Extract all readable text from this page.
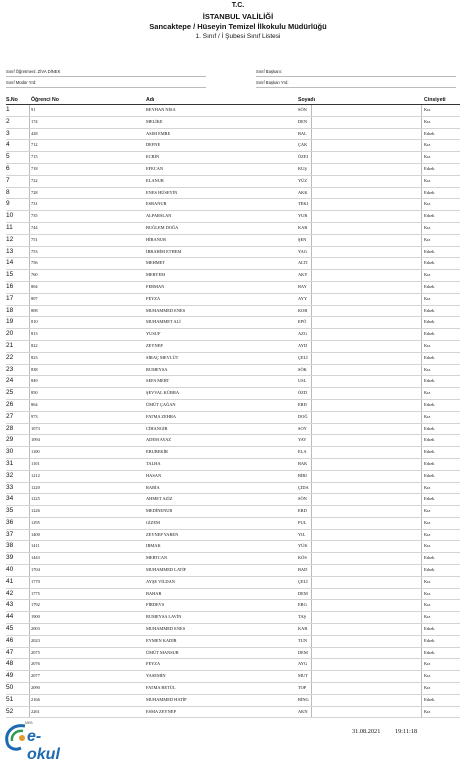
T.C.
İSTANBUL VALİLİĞİ
Sancaktepe / Hüseyin Temizel İlkokulu Müdürlüğü
1. Sınıf / İ Şubesi Sınıf Listesi
Sınıf Öğretmeni: ZİVA DİNEK	Sınıf Başkanı:
Sınıf Müdür Yrd:	Sınıf Başkan Yrd:
S.No	Öğrenci No	Adı	Soyadı	Cinsiyeti
1	91	REYHAN NİSA	SÖN	Kız
2	174	MELİKE	DEN	Kız
3	428	ASIM EMRE	BAL	Erkek
4	712	DEFNE	ÇAK	Kız
5	715	ECRİN	ÖZEI	Kız
6	718	EFECAN	KUŞ	Erkek
7	722	ELANUR	YÜZ	Kız
8	728	ENES HÜSEYİN	AKK	Erkek
9	731	ESRANUR	TEKI	Kız
10	735	ALPARSLAN	YUR	Erkek
11	744	BUĞLEM DOĞA	KAR	Kız
12	751	HİRANUR	ŞEN	Kız
13	753	İBRAHİM ETHEM	YAG	Erkek
14	756	MEHMET	ALTI	Erkek
15	760	MERYEM	AKY	Kız
16	804	FERMAN	BAY	Erkek
17	807	FEYZA	AYY	Kız
18	808	MUHAMMED ENES	KOR	Erkek
19	810	MUHAMMET ALİ	EPÖ	Erkek
20	813	YUSUF	AZG	Erkek
21	822	ZEYNEP	AYD	Kız
22	823	SİRAÇ MEVLÜT	ÇELİ	Erkek
23	838	RUMEYSA	SÖK	Kız
24	849	SEFA MERT	USL	Erkek
25	850	ŞEVVAL KÜBRA	ÖZD	Kız
26	864	ÜMÜT ÇAĞAN	ERD	Erkek
27	973	FATMA ZEHRA	DOĞ	Kız
28	1073	CİHANGİR	SOY	Erkek
29	1094	ADEM AYAZ	YAV	Erkek
30	1100	EBUBEKİR	ELA	Erkek
31	1101	TALHA	BAK	Erkek
32	1212	HASAN	BİRI	Erkek
33	1220	RABİA	ÇİDA	Kız
34	1225	AHMET AZİZ	SÖN	Erkek
35	1226	MEDİNENUR	ERD	Kız
36	1295	GİZEM	PUL	Kız
37	1400	ZEYNEP YAREN	YIL	Kız
38	1411	IRMAK	YÜK	Kız
39	1443	MERTCAN	KÖS	Erkek
40	1704	MUHAMMED LATİF	BAD	Erkek
41	1770	AYŞE VİLDAN	ÇELİ	Kız
42	1775	BAHAR	DEM	Kız
43	1792	FİRDEVS	ERG	Kız
44	1900	RUMEYSA LAVİN	TAŞ	Kız
45	2003	MUHAMMED ENES	KAR	Erkek
46	2023	EYMEN KADİR	TUN	Erkek
47	2075	ÜMÜT MANSUR	DEM	Erkek
48	2076	FEYZA	AYG	Kız
49	2077	YASEMİN	MUT	Kız
50	2090	FATMA BETÜL	TOP	Kız
51	2166	MUHAMMED HATİP	BİNG	Erkek
52	2261	ESMA ZEYNEP	AKN	Kız
MEB
e-okul
31.08.2021 19:11:18
